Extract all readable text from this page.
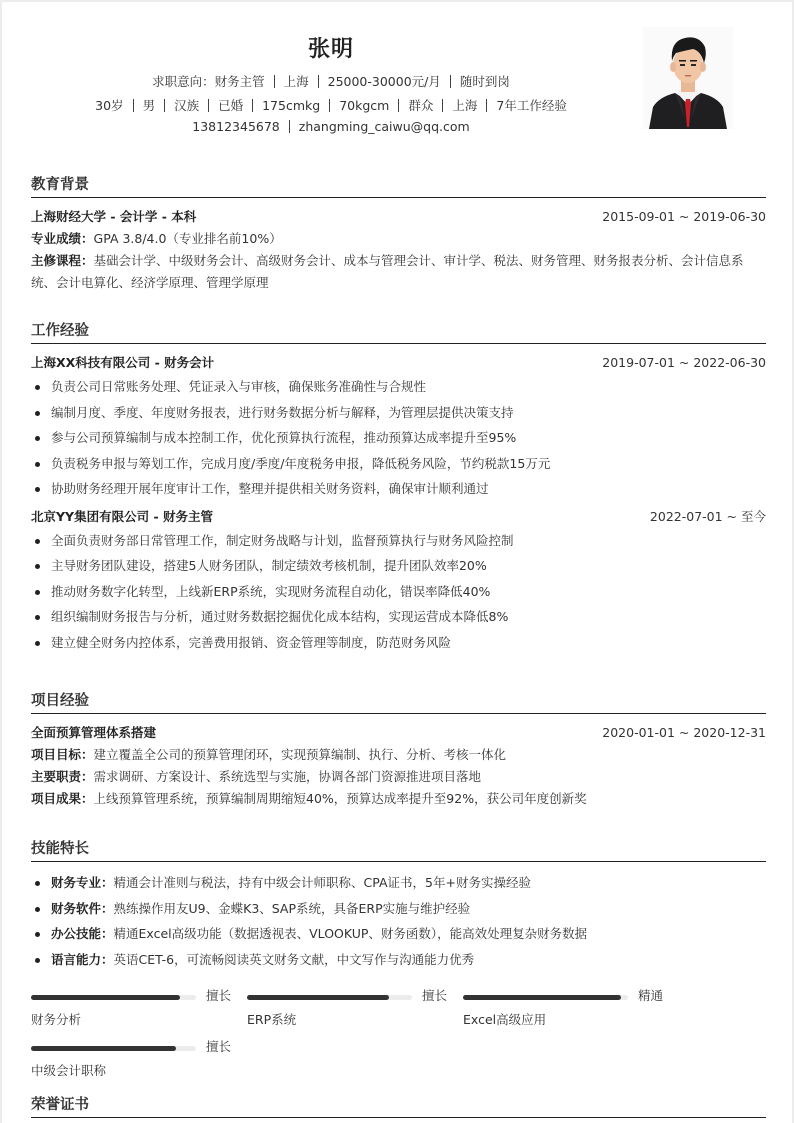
张明
求职意向：财务主管 上海 25000-30000元/月 随时到岗
30岁 男 汉族 已婚 175cmkg 70kgcm 群众 上海 7年工作经验
13812345678 zhangming_caiwu@qq.com
教育背景
上海财经大学 - 会计学 - 本科	2015-09-01 ~ 2019-06-30
专业成绩：GPA 3.8/4.0（专业排名前10%）
主修课程：基础会计学、中级财务会计、高级财务会计、成本与管理会计、审计学、税法、财务管理、财务报表分析、会计信息系统、会计电算化、经济学原理、管理学原理
工作经验
上海XX科技有限公司 - 财务会计	2019-07-01 ~ 2022-06-30
负责公司日常账务处理、凭证录入与审核，确保账务准确性与合规性
编制月度、季度、年度财务报表，进行财务数据分析与解释，为管理层提供决策支持
参与公司预算编制与成本控制工作，优化预算执行流程，推动预算达成率提升至95%
负责税务申报与筹划工作，完成月度/季度/年度税务申报，降低税务风险，节约税款15万元
协助财务经理开展年度审计工作，整理并提供相关财务资料，确保审计顺利通过
北京YY集团有限公司 - 财务主管	2022-07-01 ~ 至今
全面负责财务部日常管理工作，制定财务战略与计划，监督预算执行与财务风险控制
主导财务团队建设，搭建5人财务团队，制定绩效考核机制，提升团队效率20%
推动财务数字化转型，上线新ERP系统，实现财务流程自动化，错误率降低40%
组织编制财务报告与分析，通过财务数据挖掘优化成本结构，实现运营成本降低8%
建立健全财务内控体系，完善费用报销、资金管理等制度，防范财务风险
项目经验
全面预算管理体系搭建	2020-01-01 ~ 2020-12-31
项目目标：建立覆盖全公司的预算管理闭环，实现预算编制、执行、分析、考核一体化
主要职责：需求调研、方案设计、系统选型与实施，协调各部门资源推进项目落地
项目成果：上线预算管理系统，预算编制周期缩短40%，预算达成率提升至92%，获公司年度创新奖
技能特长
财务专业：精通会计准则与税法，持有中级会计师职称、CPA证书，5年+财务实操经验
财务软件：熟练操作用友U9、金蝶K3、SAP系统，具备ERP实施与维护经验
办公技能：精通Excel高级功能（数据透视表、VLOOKUP、财务函数），能高效处理复杂财务数据
语言能力：英语CET-6，可流畅阅读英文财务文献，中文写作与沟通能力优秀
擅长
财务分析
擅长
ERP系统
精通
Excel高级应用
擅长
中级会计职称
荣誉证书
